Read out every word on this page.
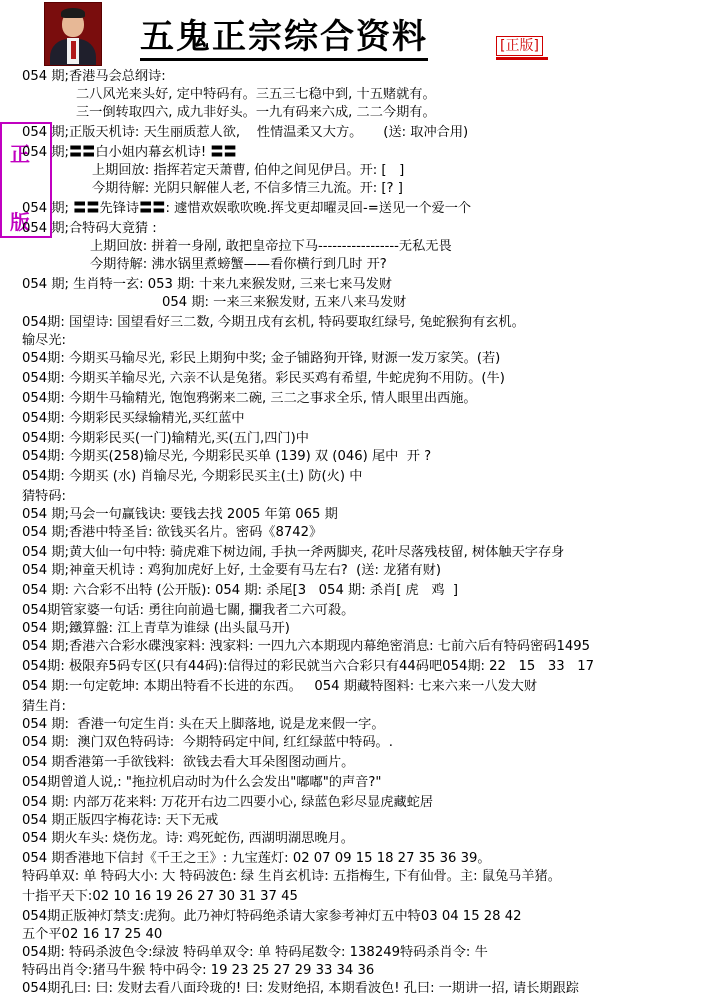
五鬼正宗综合资料	[正版]
正
版
054 期;香港马会总纲诗:
二八风光来头好, 定中特码有。三五三七稳中到, 十五赌就有。
三一倒转取四六, 成九非好头。一九有码来六成, 二二今期有。
054 期;正版天机诗: 天生丽质惹人欲,    性情温柔又大方。     (送: 取冲合用)
054 期;〓〓白小姐内幕玄机诗! 〓〓
上期回放: 指挥若定天萧曹, 伯仲之间见伊吕。开: [   ]
今期待解: 光阴只解催人老, 不信多情三九流。开: [? ]
054 期; 〓〓先锋诗〓〓: 遽惜欢娱歌吹晚.挥戈更却曜灵回-=送见一个爱一个
054 期;合特码大竟猜 :
上期回放: 拼着一身剐, 敢把皇帝拉下马-----------------无私无畏
今期待解: 沸水锅里煮螃蟹——看你横行到几时 开?
054 期; 生肖特一玄: 053 期: 十来九来猴发财, 三来七来马发财
054 期: 一来三来猴发财, 五来八来马发财
054期: 国望诗: 国望看好三二数, 今期丑戌有玄机, 特码要取红绿号, 兔蛇猴狗有玄机。
输尽光:
054期: 今期买马输尽光, 彩民上期狗中奖; 金子铺路狗开锋, 财源一发万家笑。(若)
054期: 今期买羊输尽光, 六亲不认是兔猪。彩民买鸡有希望, 牛蛇虎狗不用防。(牛)
054期: 今期牛马输精光, 饱饱鸦粥来二碗, 三二之事求全乐, 情人眼里出西施。
054期: 今期彩民买绿输精光,买红蓝中
054期: 今期彩民买(一门)输精光,买(五门,四门)中
054期: 今期买(258)输尽光, 今期彩民买单 (139) 双 (046) 尾中  开 ?
054期: 今期买 (水) 肖输尽光, 今期彩民买主(土) 防(火) 中
猜特码:
054 期;马会一句赢钱诀: 要钱去找 2005 年第 065 期
054 期;香港中特圣旨: 欲钱买名片。密码《8742》
054 期;黄大仙一句中特: 骑虎难下树边闹, 手执一斧两脚夹, 花叶尽落残枝留, 树体触天字存身
054 期;神童天机诗 : 鸡狗加虎好上好, 土金要有马左右?  (送: 龙猪有财)
054 期: 六合彩不出特 (公开版): 054 期: 杀尾[3   054 期: 杀肖[ 虎   鸡  ]
054期管家婆一句话: 勇往向前過七關, 攔我者二六可殺。
054 期;鐵算盤: 江上青草为谁绿 (出头鼠马开)
054 期;香港六合彩水碟洩家料: 洩家料: 一四九六本期现内幕绝密消息: 七前六后有特码密码1495
054期: 极限弃5码专区(只有44码):信得过的彩民就当六合彩只有44码吧054期: 22   15   33   17
054 期:一句定乾坤: 本期出特看不长进的东西。   054 期藏特图料: 七来六来一八发大财
猜生肖:
054 期:  香港一句定生肖: 头在天上脚落地, 说是龙来假一字。
054 期:  澳门双色特码诗:  今期特码定中间, 红红绿蓝中特码。.
054 期香港第一手欲钱料:  欲钱去看大耳朵图图动画片。
054期曾道人说,: "拖拉机启动时为什么会发出"嘟嘟"的声音?"
054 期: 内部万花来料: 万花开右边二四要小心, 绿蓝色彩尽显虎藏蛇居
054 期正版四字梅花诗: 天下无戒
054 期火车头: 烧伤龙。诗: 鸡死蛇伤, 西湖明湖思晚月。
054 期香港地下信封《千王之王》: 九宝莲灯: 02 07 09 15 18 27 35 36 39。
特码单双: 单 特码大小: 大 特码波色: 绿 生肖玄机诗: 五指梅生, 下有仙骨。主: 鼠兔马羊猪。
十指平天下:02 10 16 19 26 27 30 31 37 45
054期正版神灯禁支:虎狗。此乃神灯特码绝杀请大家参考神灯五中特03 04 15 28 42
五个平02 16 17 25 40
054期: 特码杀波色令:绿波 特码单双令: 单 特码尾数令: 138249特码杀肖令: 牛
特码出肖令:猪马牛猴 特中码令: 19 23 25 27 29 33 34 36
054期孔曰: 曰: 发财去看八面玲珑的! 曰: 发财绝招, 本期看波色! 孔曰: 一期讲一招, 请长期跟踪
